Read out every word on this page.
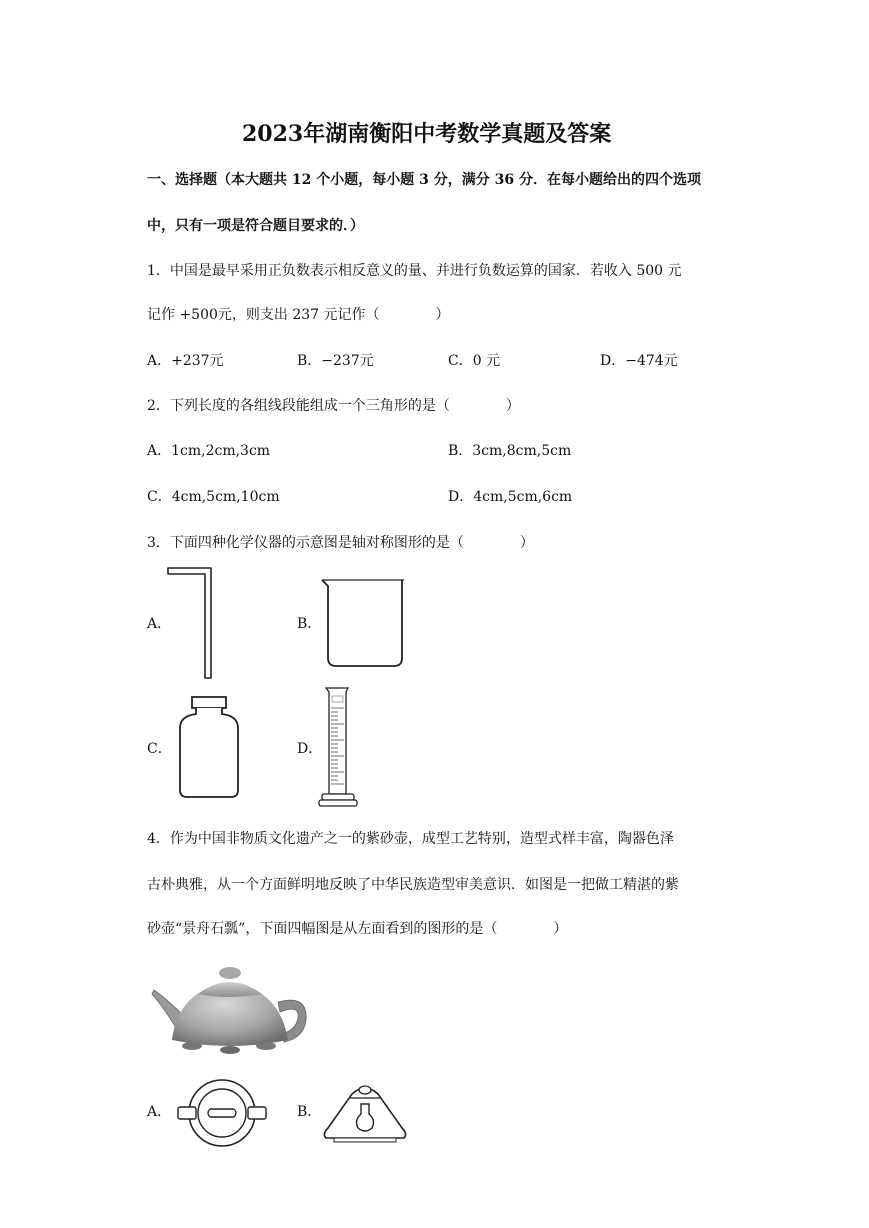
2023年湖南衡阳中考数学真题及答案
一、选择题（本大题共 12 个小题，每小题 3 分，满分 36 分．在每小题给出的四个选项
中，只有一项是符合题目要求的．）
1．中国是最早采用正负数表示相反意义的量、并进行负数运算的国家．若收入 500 元
记作 +500元，则支出 237 元记作（　　　　）
A．+237元	B．−237元	C．0 元	D．−474元
2．下列长度的各组线段能组成一个三角形的是（　　　　）
A．1cm,2cm,3cm	B．3cm,8cm,5cm
C．4cm,5cm,10cm	D．4cm,5cm,6cm
3．下面四种化学仪器的示意图是轴对称图形的是（　　　　）
A．	B．
C．	D．
4．作为中国非物质文化遗产之一的紫砂壶，成型工艺特别，造型式样丰富，陶器色泽
古朴典雅，从一个方面鲜明地反映了中华民族造型审美意识．如图是一把做工精湛的紫
砂壶“景舟石瓢”，下面四幅图是从左面看到的图形的是（　　　　）
A．	B．
